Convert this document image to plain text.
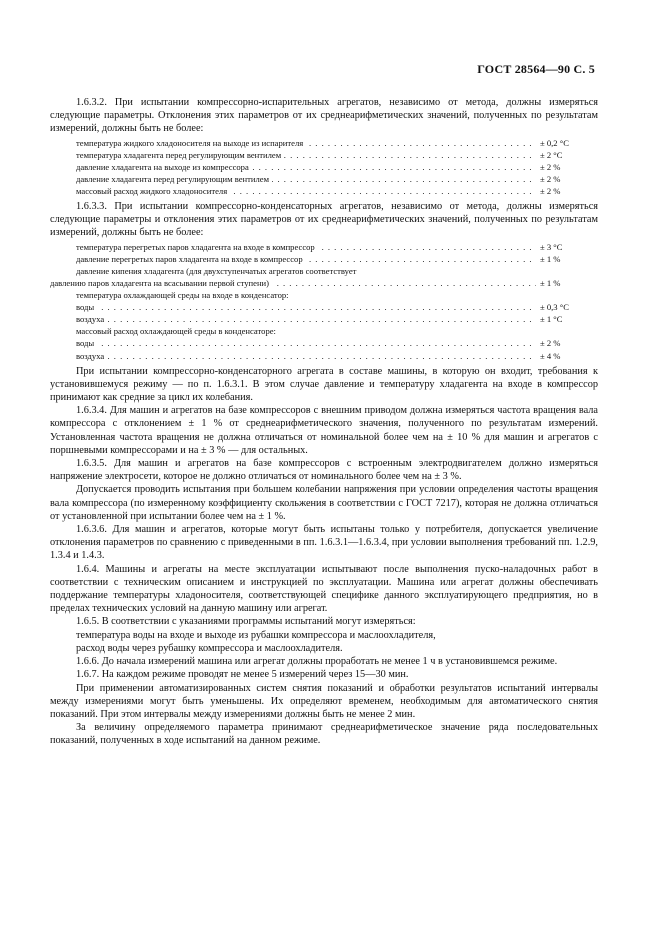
ГОСТ 28564—90 С. 5

1.6.3.2. При испытании компрессорно-испарительных агрегатов, независимо от метода, должны измеряться следующие параметры. Отклонения этих параметров от их среднеарифметических значений, полученных по результатам измерений, должны быть не более:

температура жидкого хладоносителя на выходе из испарителя . . .	± 0,2 °С
температура хладагента перед регулирующим вентилем . . .	± 2 °С
давление хладагента на выходе из компрессора . . .	± 2 %
давление хладагента перед регулирующим вентилем . . .	± 2 %
массовый расход жидкого хладоносителя . . .	± 2 %

1.6.3.3. При испытании компрессорно-конденсаторных агрегатов, независимо от метода, должны измеряться следующие параметры и отклонения этих параметров от их среднеарифметических значений, полученных по результатам измерений, должны быть не более:

температура перегретых паров хладагента на входе в компрессор . . .	± 3 °С
давление перегретых паров хладагента на входе в компрессор . . .	± 1 %
давление кипения хладагента (для двухступенчатых агрегатов соответствует
давлению паров хладагента на всасывании первой ступени) . . .	± 1 %
температура охлаждающей среды на входе в конденсатор:
воды . . .	± 0,3 °С
воздуха . . .	± 1 °С
массовый расход охлаждающей среды в конденсаторе:
воды . . .	± 2 %
воздуха . . .	± 4 %

При испытании компрессорно-конденсаторного агрегата в составе машины, в которую он входит, требования к установившемуся режиму — по п. 1.6.3.1. В этом случае давление и температуру хладагента на входе в компрессор принимают как средние за цикл их колебания.

1.6.3.4. Для машин и агрегатов на базе компрессоров с внешним приводом должна измеряться частота вращения вала компрессора с отклонением ± 1 % от среднеарифметического значения, полученного по результатам измерений. Установленная частота вращения не должна отличаться от номинальной более чем на ± 10 % для машин и агрегатов с поршневыми компрессорами и на ± 3 % — для остальных.

1.6.3.5. Для машин и агрегатов на базе компрессоров с встроенным электродвигателем должно измеряться напряжение электросети, которое не должно отличаться от номинального более чем на ± 3 %.

Допускается проводить испытания при большем колебании напряжения при условии определения частоты вращения вала компрессора (по измеренному коэффициенту скольжения в соответствии с ГОСТ 7217), которая не должна отличаться от установленной при испытании более чем на ± 1 %.

1.6.3.6. Для машин и агрегатов, которые могут быть испытаны только у потребителя, допускается увеличение отклонения параметров по сравнению с приведенными в пп. 1.6.3.1—1.6.3.4, при условии выполнения требований пп. 1.2.9, 1.3.4 и 1.4.3.

1.6.4. Машины и агрегаты на месте эксплуатации испытывают после выполнения пуско-наладочных работ в соответствии с техническим описанием и инструкцией по эксплуатации. Машина или агрегат должны обеспечивать поддержание температуры хладоносителя, соответствующей специфике данного эксплуатирующего предприятия, но в пределах технических условий на данную машину или агрегат.

1.6.5. В соответствии с указаниями программы испытаний могут измеряться:

температура воды на входе и выходе из рубашки компрессора и маслоохладителя,

расход воды через рубашку компрессора и маслоохладителя.

1.6.6. До начала измерений машина или агрегат должны проработать не менее 1 ч в установившемся режиме.

1.6.7. На каждом режиме проводят не менее 5 измерений через 15—30 мин.

При применении автоматизированных систем снятия показаний и обработки результатов испытаний интервалы между измерениями могут быть уменьшены. Их определяют временем, необходимым для автоматического снятия показаний. При этом интервалы между измерениями должны быть не менее 2 мин.

За величину определяемого параметра принимают среднеарифметическое значение ряда последовательных показаний, полученных в ходе испытаний на данном режиме.
